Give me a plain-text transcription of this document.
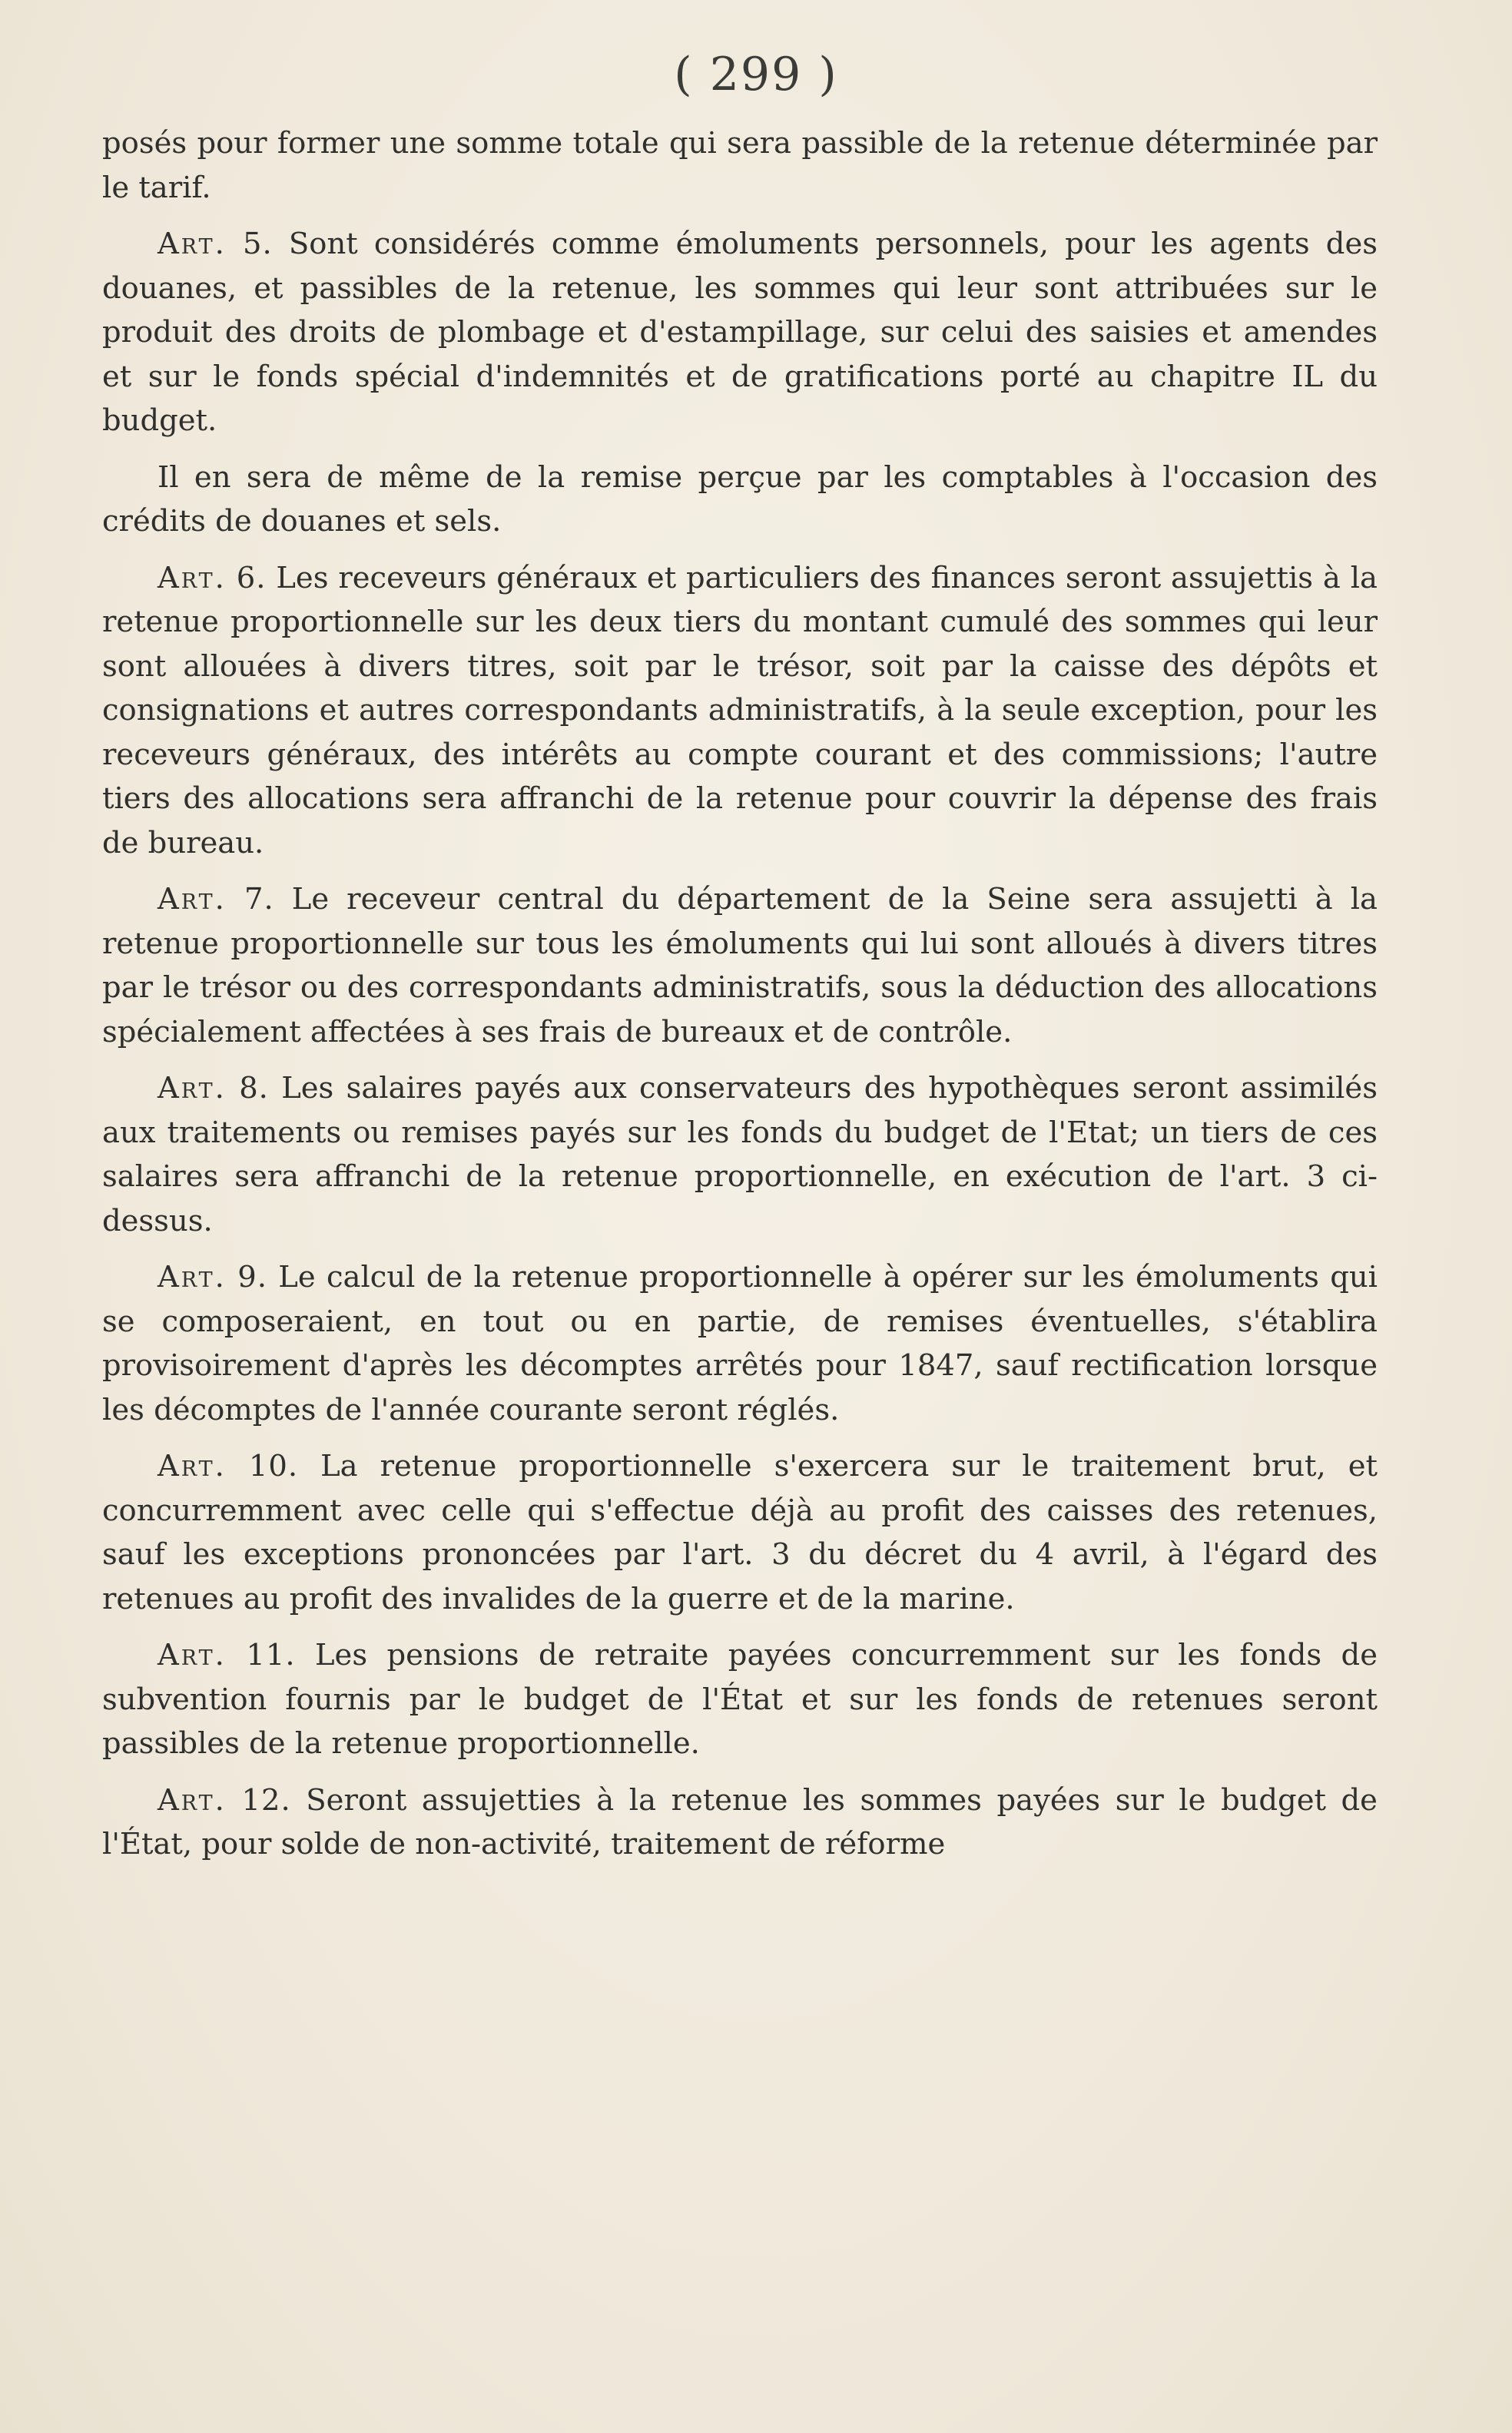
( 299 )

posés pour former une somme totale qui sera passible de la retenue déterminée par le tarif.

Art. 5. Sont considérés comme émoluments personnels, pour les agents des douanes, et passibles de la retenue, les sommes qui leur sont attribuées sur le produit des droits de plombage et d'estampillage, sur celui des saisies et amendes et sur le fonds spécial d'indemnités et de gratifications porté au chapitre IL du budget.

Il en sera de même de la remise perçue par les comptables à l'occasion des crédits de douanes et sels.

Art. 6. Les receveurs généraux et particuliers des finances seront assujettis à la retenue proportionnelle sur les deux tiers du montant cumulé des sommes qui leur sont allouées à divers titres, soit par le trésor, soit par la caisse des dépôts et consignations et autres correspondants administratifs, à la seule exception, pour les receveurs généraux, des intérêts au compte courant et des commissions; l'autre tiers des allocations sera affranchi de la retenue pour couvrir la dépense des frais de bureau.

Art. 7. Le receveur central du département de la Seine sera assujetti à la retenue proportionnelle sur tous les émoluments qui lui sont alloués à divers titres par le trésor ou des correspondants administratifs, sous la déduction des allocations spécialement affectées à ses frais de bureaux et de contrôle.

Art. 8. Les salaires payés aux conservateurs des hypothèques seront assimilés aux traitements ou remises payés sur les fonds du budget de l'Etat; un tiers de ces salaires sera affranchi de la retenue proportionnelle, en exécution de l'art. 3 ci-dessus.

Art. 9. Le calcul de la retenue proportionnelle à opérer sur les émoluments qui se composeraient, en tout ou en partie, de remises éventuelles, s'établira provisoirement d'après les décomptes arrêtés pour 1847, sauf rectification lorsque les décomptes de l'année courante seront réglés.

Art. 10. La retenue proportionnelle s'exercera sur le traitement brut, et concurremment avec celle qui s'effectue déjà au profit des caisses des retenues, sauf les exceptions prononcées par l'art. 3 du décret du 4 avril, à l'égard des retenues au profit des invalides de la guerre et de la marine.

Art. 11. Les pensions de retraite payées concurremment sur les fonds de subvention fournis par le budget de l'État et sur les fonds de retenues seront passibles de la retenue proportionnelle.

Art. 12. Seront assujetties à la retenue les sommes payées sur le budget de l'État, pour solde de non-activité, traitement de réforme
